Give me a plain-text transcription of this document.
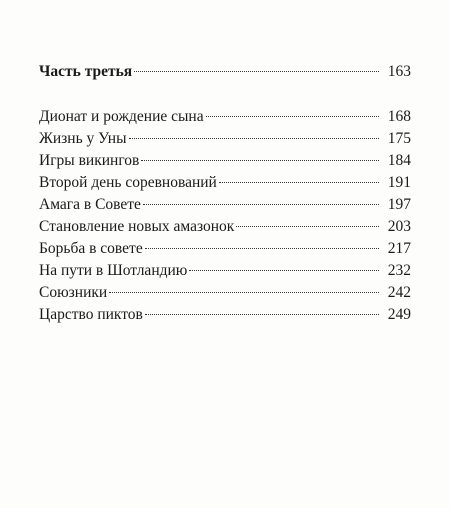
Часть третья	163
Дионат и рождение сына	168
Жизнь у Уны	175
Игры викингов	184
Второй день соревнований	191
Амага в Совете	197
Становление новых амазонок	203
Борьба в совете	217
На пути в Шотландию	232
Союзники	242
Царство пиктов	249
